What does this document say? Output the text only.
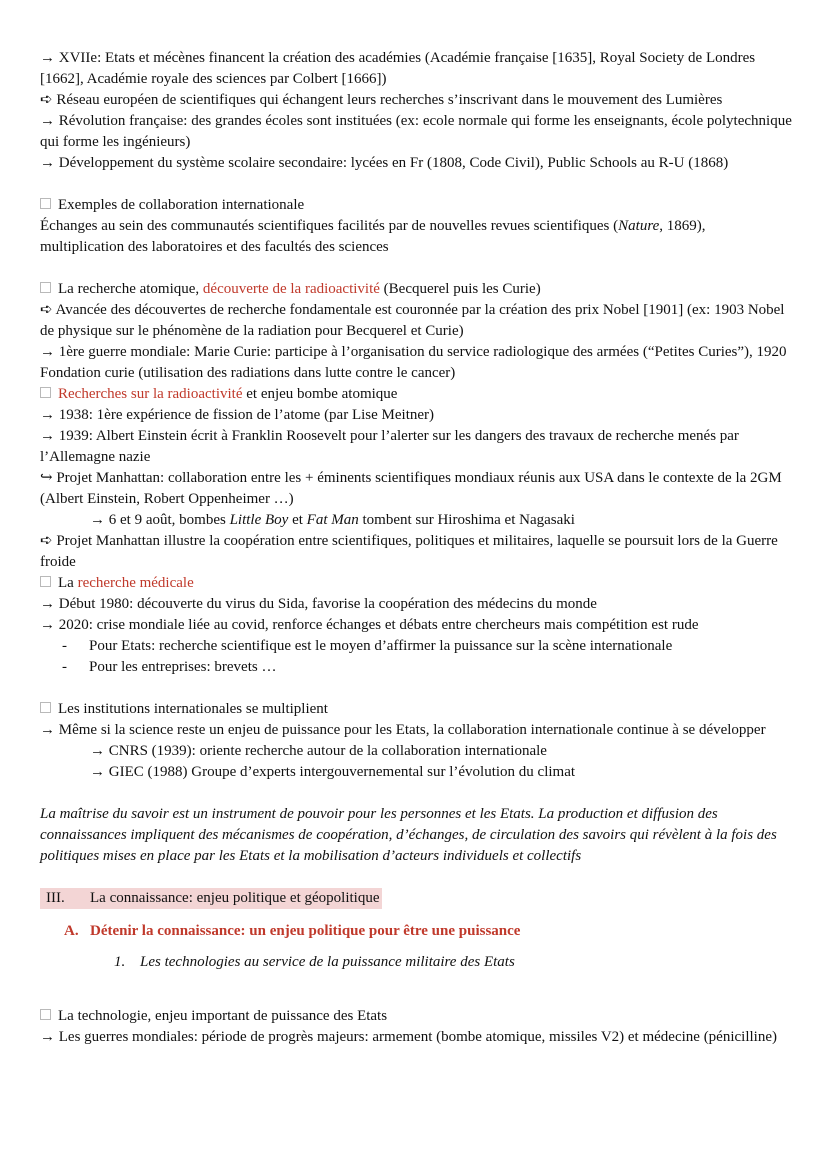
→ XVIIe: Etats et mécènes financent la création des académies (Académie française [1635], Royal Society de Londres [1662], Académie royale des sciences par Colbert [1666])

➪ Réseau européen de scientifiques qui échangent leurs recherches s’inscrivant dans le mouvement des Lumières

→ Révolution française: des grandes écoles sont instituées (ex: ecole normale qui forme les enseignants, école polytechnique qui forme les ingénieurs)

→ Développement du système scolaire secondaire: lycées en Fr (1808, Code Civil), Public Schools au R-U (1868)

Exemples de collaboration internationale

Échanges au sein des communautés scientifiques facilités par de nouvelles revues scientifiques (Nature, 1869), multiplication des laboratoires et des facultés des sciences

La recherche atomique, découverte de la radioactivité (Becquerel puis les Curie)

➪ Avancée des découvertes de recherche fondamentale est couronnée par la création des prix Nobel [1901] (ex: 1903 Nobel de physique sur le phénomène de la radiation pour Becquerel et Curie)

→ 1ère guerre mondiale: Marie Curie: participe à l’organisation du service radiologique des armées (“Petites Curies”), 1920 Fondation curie (utilisation des radiations dans lutte contre le cancer)

Recherches sur la radioactivité et enjeu bombe atomique

→ 1938: 1ère expérience de fission de l’atome (par Lise Meitner)

→ 1939: Albert Einstein écrit à Franklin Roosevelt pour l’alerter sur les dangers des travaux de recherche menés par l’Allemagne nazie

↪ Projet Manhattan: collaboration entre les + éminents scientifiques mondiaux réunis aux USA dans le contexte de la 2GM (Albert Einstein, Robert Oppenheimer …)

→ 6 et 9 août, bombes Little Boy et Fat Man tombent sur Hiroshima et Nagasaki

➪ Projet Manhattan illustre la coopération entre scientifiques, politiques et militaires, laquelle se poursuit lors de la Guerre froide

La recherche médicale

→ Début 1980: découverte du virus du Sida, favorise la coopération des médecins du monde

→ 2020: crise mondiale liée au covid, renforce échanges et débats entre chercheurs mais compétition est rude

- Pour Etats: recherche scientifique est le moyen d’affirmer la puissance sur la scène internationale

- Pour les entreprises: brevets …

Les institutions internationales se multiplient

→ Même si la science reste un enjeu de puissance pour les Etats, la collaboration internationale continue à se développer

→ CNRS (1939): oriente recherche autour de la collaboration internationale

→ GIEC (1988) Groupe d’experts intergouvernemental sur l’évolution du climat

La maîtrise du savoir est un instrument de pouvoir pour les personnes et les Etats. La production et diffusion des connaissances impliquent des mécanismes de coopération, d’échanges, de circulation des savoirs qui révèlent à la fois des politiques mises en place par les Etats et la mobilisation d’acteurs individuels et collectifs

III. La connaissance: enjeu politique et géopolitique

A. Détenir la connaissance: un enjeu politique pour être une puissance

1. Les technologies au service de la puissance militaire des Etats

La technologie, enjeu important de puissance des Etats

→ Les guerres mondiales: période de progrès majeurs: armement (bombe atomique, missiles V2) et médecine (pénicilline)
